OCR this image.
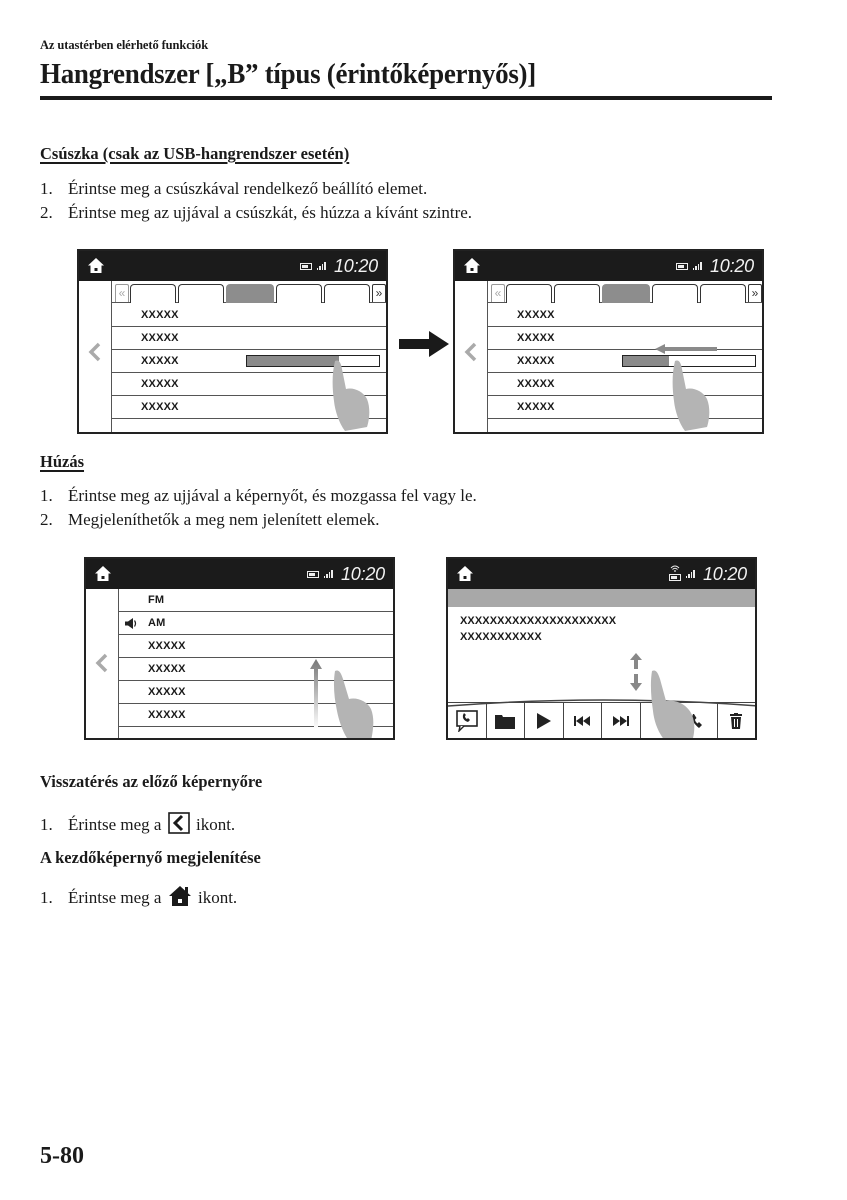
Az utastérben elérhető funkciók
Hangrendszer [„B” típus (érintőképernyős)]
Csúszka (csak az USB-hangrendszer esetén)
1. Érintse meg a csúszkával rendelkező beállító elemet.
2. Érintse meg az ujjával a csúszkát, és húzza a kívánt szintre.
10:20
«	»
XXXXX
XXXXX
XXXXX
XXXXX
XXXXX
10:20
«	»
XXXXX
XXXXX
XXXXX
XXXXX
XXXXX
Húzás
1. Érintse meg az ujjával a képernyőt, és mozgassa fel vagy le.
2. Megjeleníthetők a meg nem jelenített elemek.
10:20
FM
AM
XXXXX
XXXXX
XXXXX
XXXXX
10:20
XXXXXXXXXXXXXXXXXXXXX
XXXXXXXXXXX
Visszatérés az előző képernyőre
1. Érintse meg a ikont.
A kezdőképernyő megjelenítése
1. Érintse meg a ikont.
5-80
